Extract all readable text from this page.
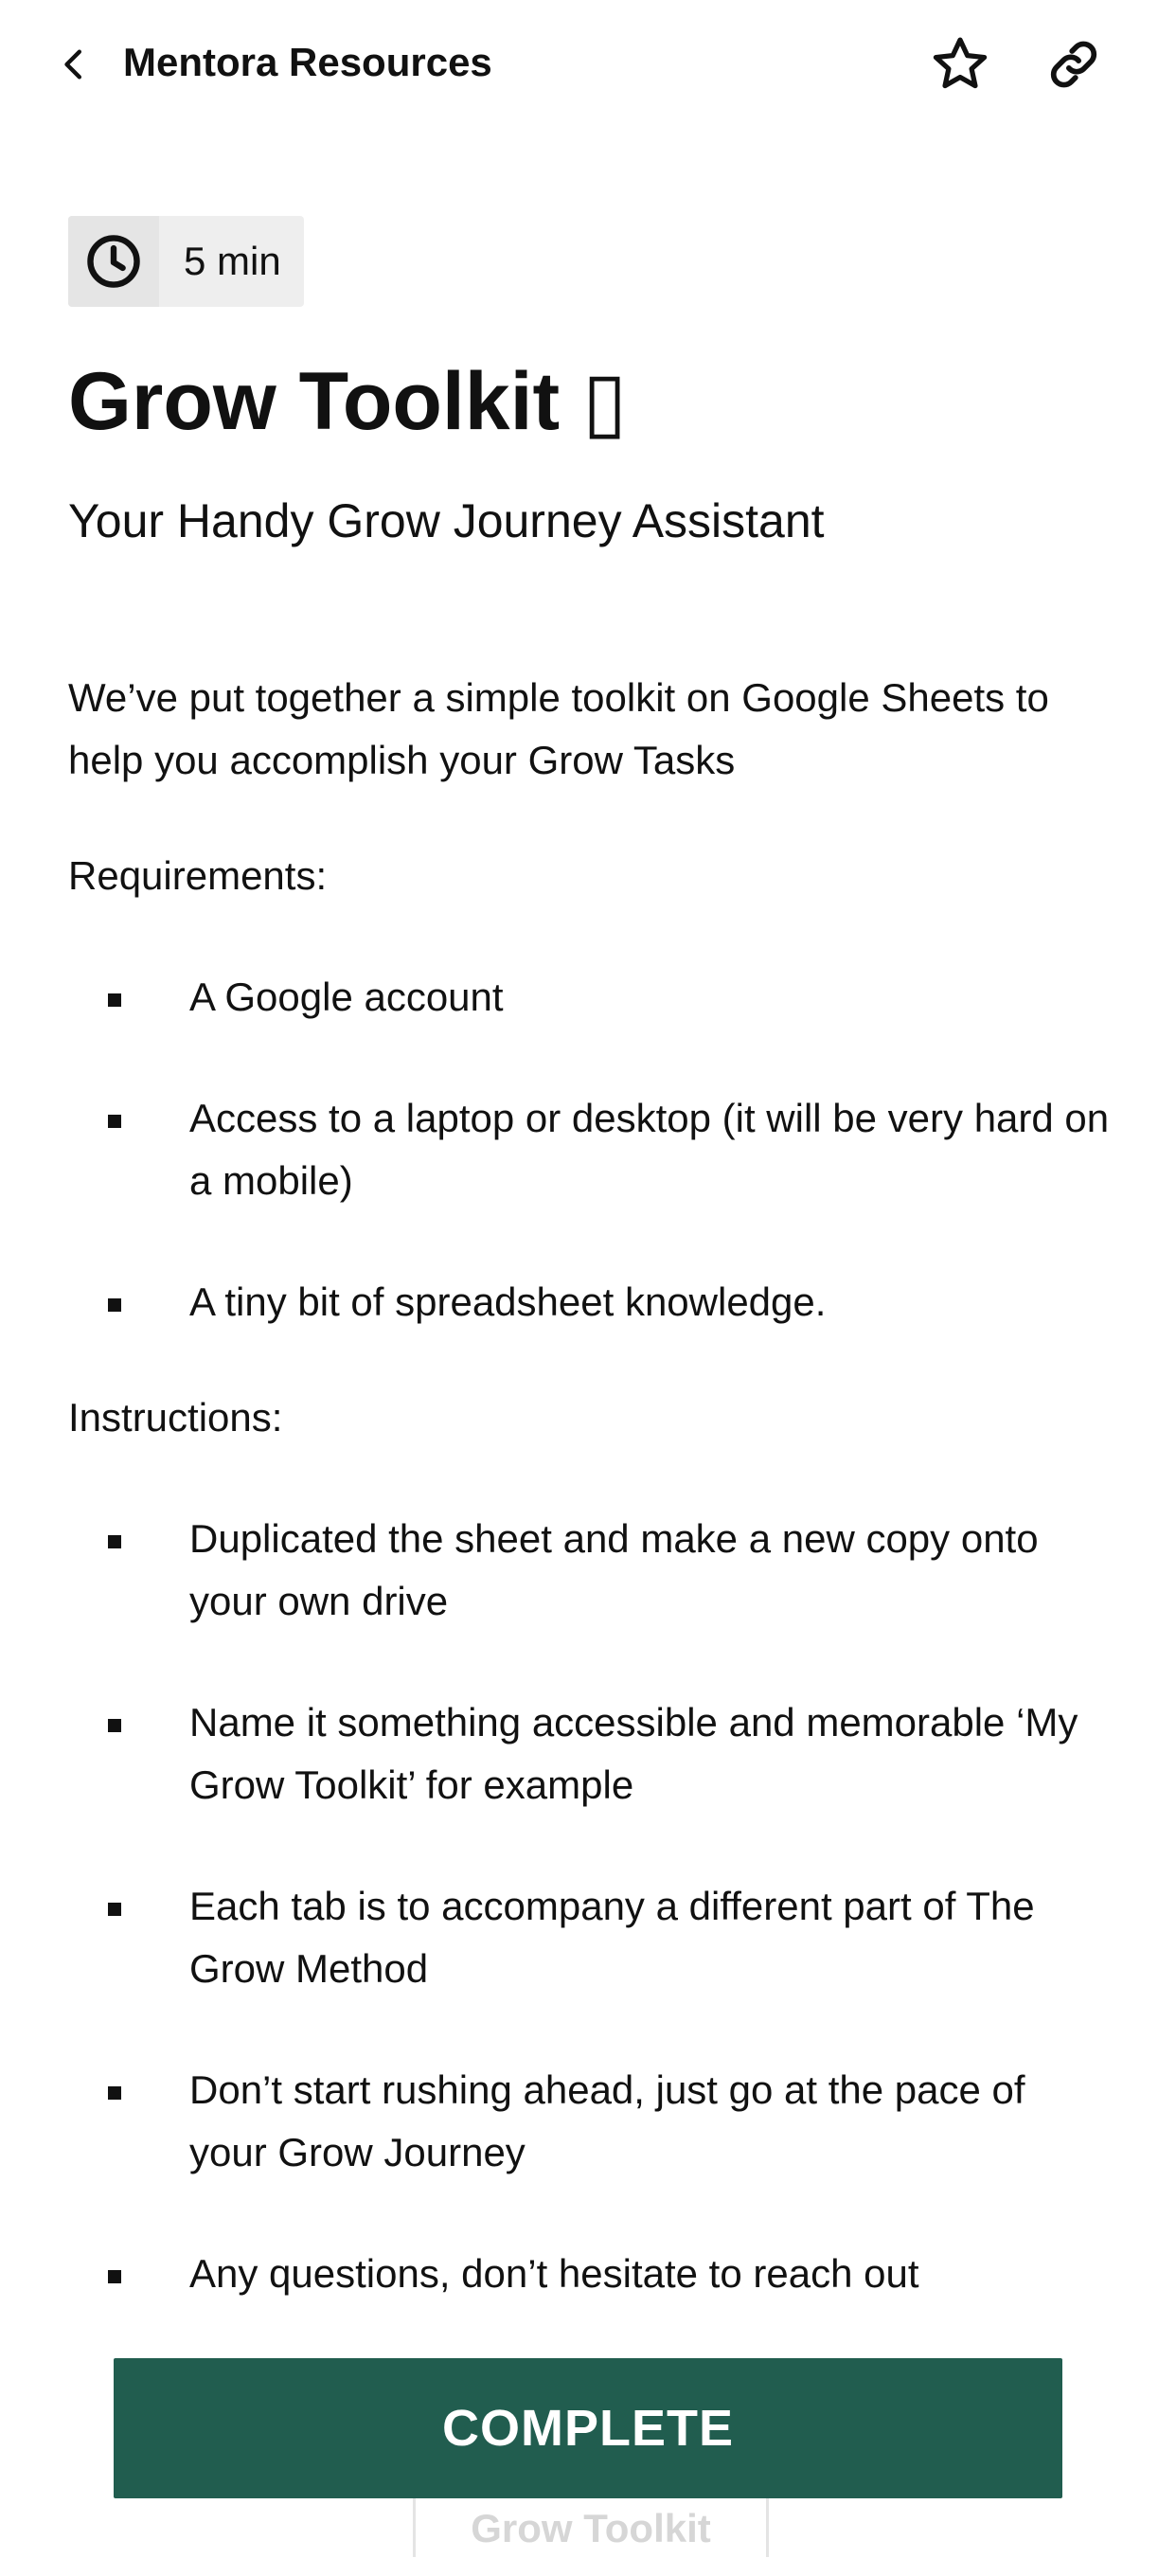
Mentora Resources
5 min
Grow Toolkit ▯

Your Handy Grow Journey Assistant

We’ve put together a simple toolkit on Google Sheets to help you accomplish your Grow Tasks

Requirements:

A Google account
Access to a laptop or desktop (it will be very hard on a mobile)
A tiny bit of spreadsheet knowledge.

Instructions:

Duplicated the sheet and make a new copy onto your own drive
Name it something accessible and memorable ‘My Grow Toolkit’ for example
Each tab is to accompany a different part of The Grow Method
Don’t start rushing ahead, just go at the pace of your Grow Journey
Any questions, don’t hesitate to reach out
Grow Toolkit
COMPLETE
